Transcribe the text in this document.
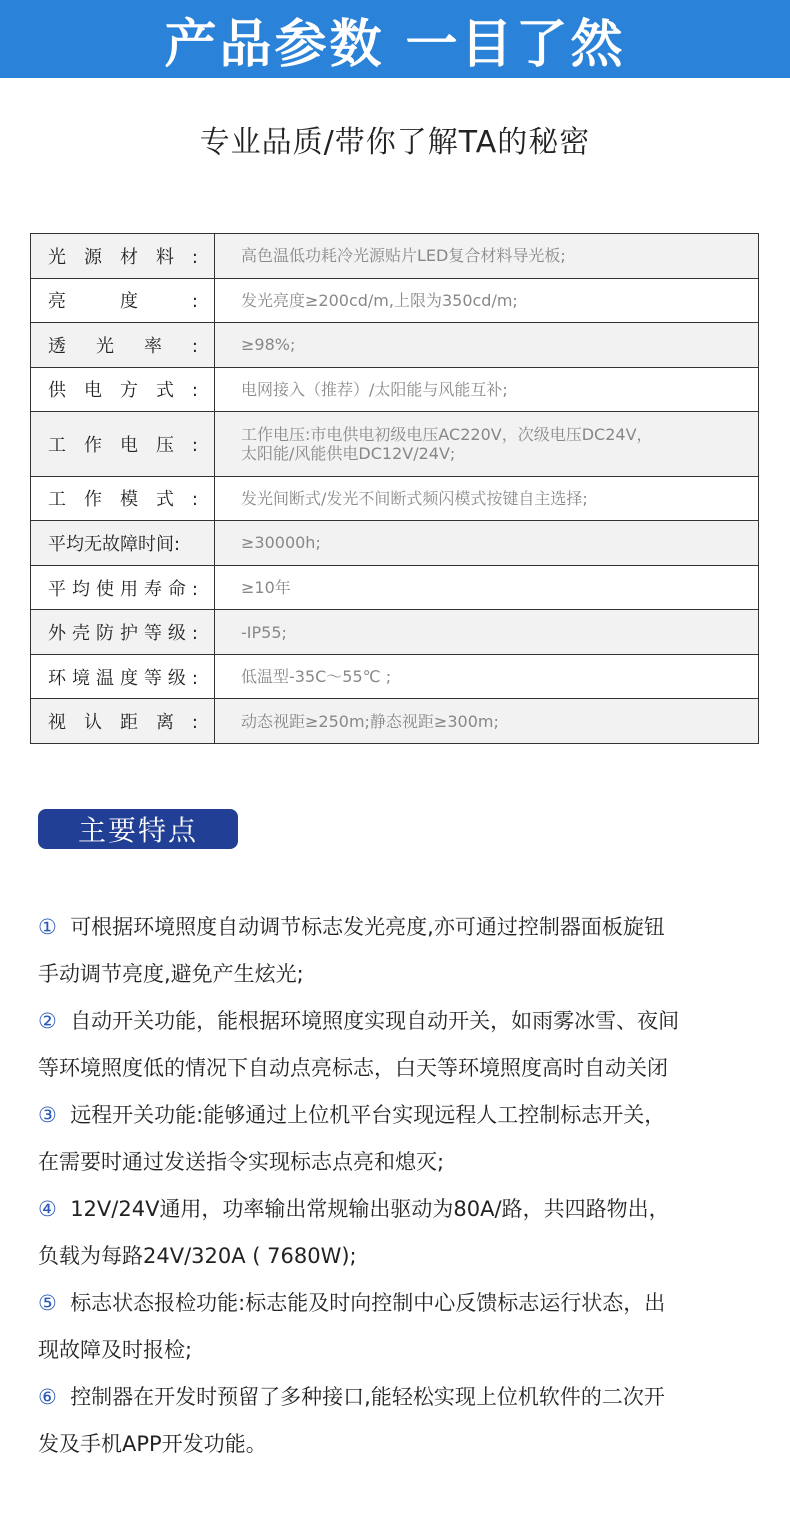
产品参数 一目了然
专业品质/带你了解TA的秘密
光源材料:	高色温低功耗冷光源贴片LED复合材料导光板;

亮度:	发光亮度≥200cd/m,上限为350cd/m;

透光率:	≥98%;

供电方式:	电网接入（推荐）/太阳能与风能互补;

工作电压:	工作电压:市电供电初级电压AC220V，次级电压DC24V，
太阳能/风能供电DC12V/24V;

工作模式:	发光间断式/发光不间断式频闪模式按键自主选择;

平均无故障时间:	≥30000h;

平均使用寿命:	≥10年

外壳防护等级:	-IP55;

环境温度等级:	低温型-35C～55℃ ;

视认距离:	动态视距≥250m;静态视距≥300m;
主要特点

① 可根据环境照度自动调节标志发光亮度,亦可通过控制器面板旋钮

手动调节亮度,避免产生炫光;

② 自动开关功能，能根据环境照度实现自动开关，如雨雾冰雪、夜间

等环境照度低的情况下自动点亮标志，白天等环境照度高时自动关闭

③ 远程开关功能:能够通过上位机平台实现远程人工控制标志开关，

在需要时通过发送指令实现标志点亮和熄灭;

④ 12V/24V通用，功率输出常规输出驱动为80A/路，共四路物出，

负载为每路24V/320A ( 7680W);

⑤ 标志状态报检功能:标志能及时向控制中心反馈标志运行状态，出

现故障及时报检;

⑥ 控制器在开发时预留了多种接口,能轻松实现上位机软件的二次开

发及手机APP开发功能。
